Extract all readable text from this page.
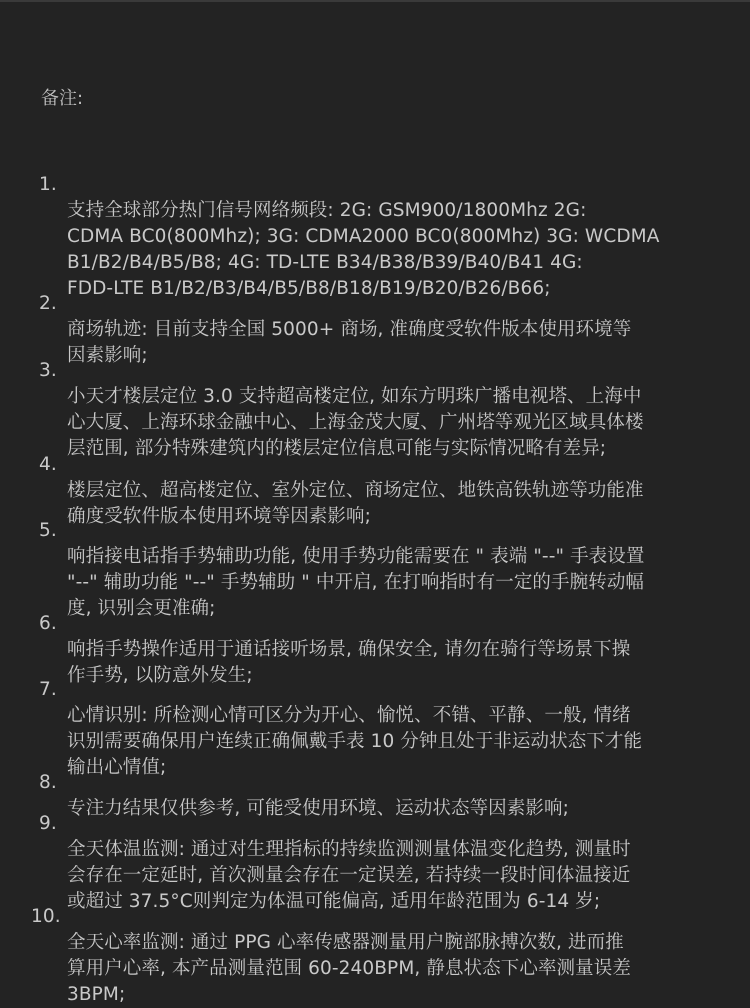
备注:

1.

支持全球部分热门信号网络频段: 2G: GSM900/1800Mhz 2G:
CDMA BC0(800Mhz); 3G: CDMA2000 BC0(800Mhz) 3G: WCDMA
B1/B2/B4/B5/B8; 4G: TD-LTE B34/B38/B39/B40/B41 4G:
FDD-LTE B1/B2/B3/B4/B5/B8/B18/B19/B20/B26/B66;

2.

商场轨迹: 目前支持全国 5000+ 商场, 准确度受软件版本使用环境等
因素影响;

3.

小天才楼层定位 3.0 支持超高楼定位, 如东方明珠广播电视塔、上海中
心大厦、上海环球金融中心、上海金茂大厦、广州塔等观光区域具体楼
层范围, 部分特殊建筑内的楼层定位信息可能与实际情况略有差异;

4.

楼层定位、超高楼定位、室外定位、商场定位、地铁高铁轨迹等功能准
确度受软件版本使用环境等因素影响;

5.

响指接电话指手势辅助功能, 使用手势功能需要在 " 表端 "--" 手表设置
"--" 辅助功能 "--" 手势辅助 " 中开启, 在打响指时有一定的手腕转动幅
度, 识别会更准确;

6.

响指手势操作适用于通话接听场景, 确保安全, 请勿在骑行等场景下操
作手势, 以防意外发生;

7.

心情识别: 所检测心情可区分为开心、愉悦、不错、平静、一般, 情绪
识别需要确保用户连续正确佩戴手表 10 分钟且处于非运动状态下才能
输出心情值;

8.

专注力结果仅供参考, 可能受使用环境、运动状态等因素影响;

9.

全天体温监测: 通过对生理指标的持续监测测量体温变化趋势, 测量时
会存在一定延时, 首次测量会存在一定误差, 若持续一段时间体温接近
或超过 37.5°C则判定为体温可能偏高, 适用年龄范围为 6-14 岁;

10.

全天心率监测: 通过 PPG 心率传感器测量用户腕部脉搏次数, 进而推
算用户心率, 本产品测量范围 60-240BPM, 静息状态下心率测量误差
3BPM;
